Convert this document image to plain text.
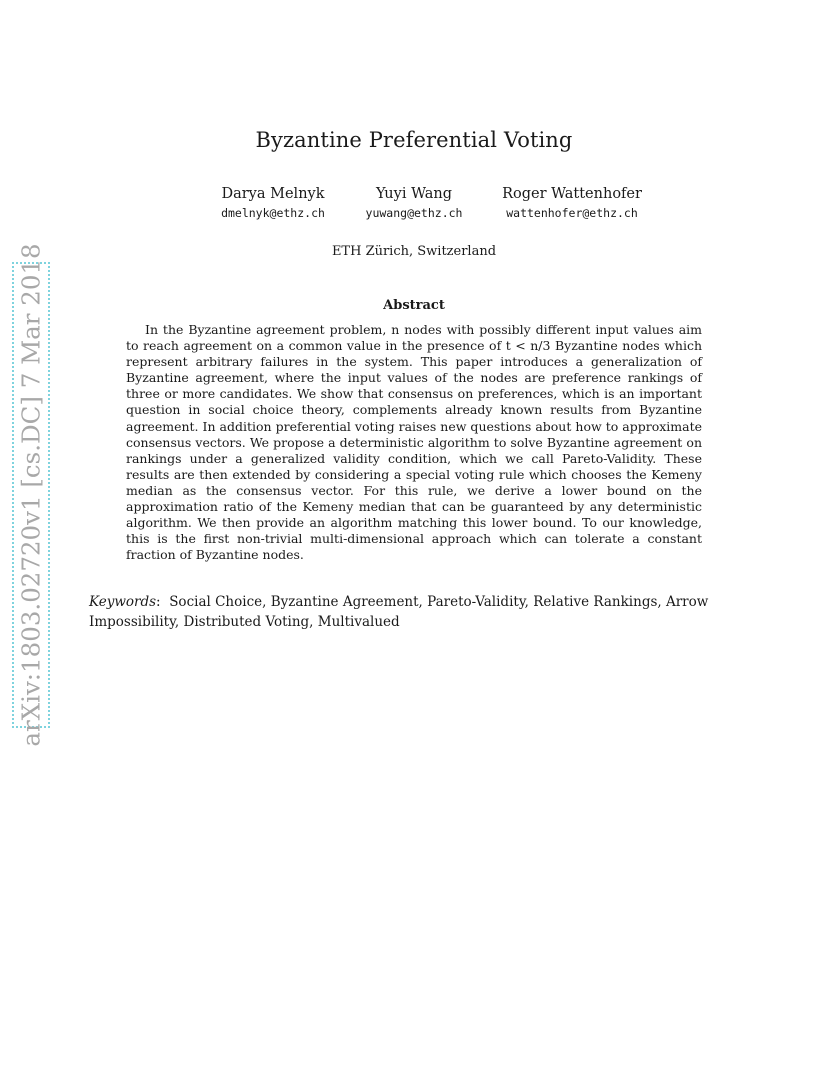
arXiv:1803.02720v1 [cs.DC] 7 Mar 2018
Byzantine Preferential Voting
Darya Melnyk
dmelnyk@ethz.ch
Yuyi Wang
yuwang@ethz.ch
Roger Wattenhofer
wattenhofer@ethz.ch
ETH Zürich, Switzerland
Abstract

In the Byzantine agreement problem, n nodes with possibly different input values aim to reach agreement on a common value in the presence of t < n/3 Byzantine nodes which represent arbitrary failures in the system. This paper introduces a generalization of Byzantine agreement, where the input values of the nodes are preference rankings of three or more candidates. We show that consensus on preferences, which is an important question in social choice theory, complements already known results from Byzantine agreement. In addition preferential voting raises new questions about how to approximate consensus vectors. We propose a deterministic algorithm to solve Byzantine agreement on rankings under a generalized validity condition, which we call Pareto-Validity. These results are then extended by considering a special voting rule which chooses the Kemeny median as the consensus vector. For this rule, we derive a lower bound on the approximation ratio of the Kemeny median that can be guaranteed by any deterministic algorithm. We then provide an algorithm matching this lower bound. To our knowledge, this is the first non-trivial multi-dimensional approach which can tolerate a constant fraction of Byzantine nodes.

Keywords:  Social Choice, Byzantine Agreement, Pareto-Validity, Relative Rankings, Arrow Impossibility, Distributed Voting, Multivalued
